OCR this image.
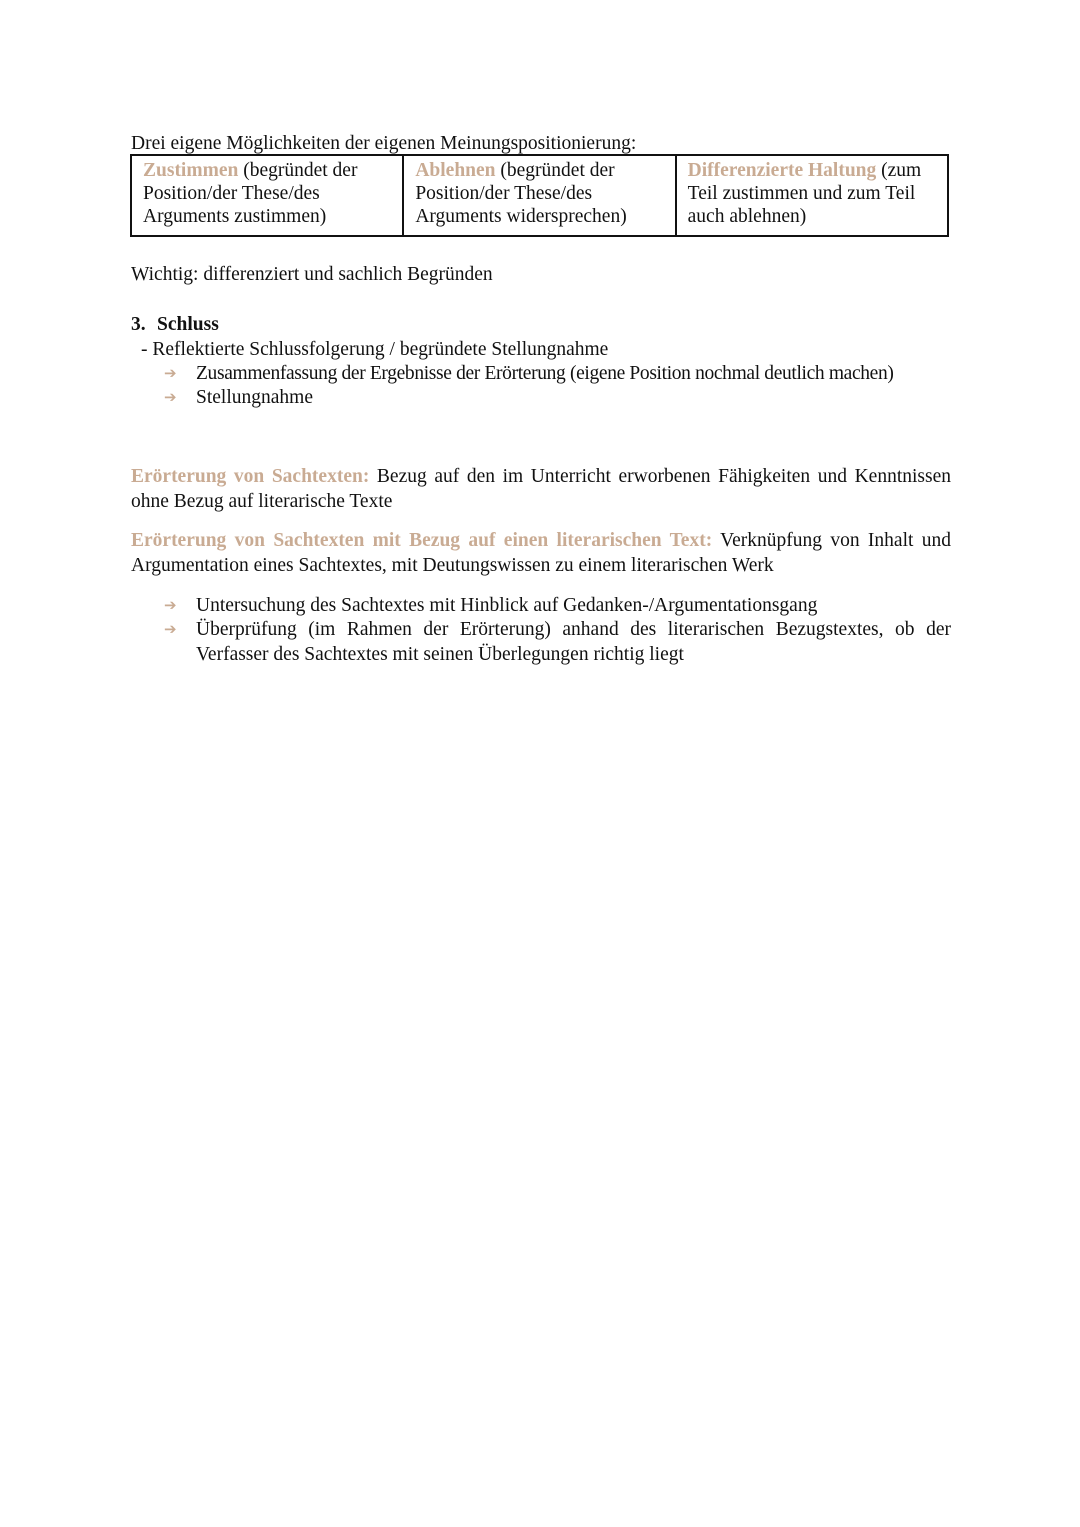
Drei eigene Möglichkeiten der eigenen Meinungspositionierung:
Zustimmen (begründet der Position/der These/des Arguments zustimmen)	Ablehnen (begründet der Position/der These/des Arguments widersprechen)	Differenzierte Haltung (zum Teil zustimmen und zum Teil auch ablehnen)
Wichtig: differenziert und sachlich Begründen
3. Schluss
- Reflektierte Schlussfolgerung / begründete Stellungnahme
➔ Zusammenfassung der Ergebnisse der Erörterung (eigene Position nochmal deutlich machen)
➔ Stellungnahme
Erörterung von Sachtexten: Bezug auf den im Unterricht erworbenen Fähigkeiten und Kenntnissen ohne Bezug auf literarische Texte
Erörterung von Sachtexten mit Bezug auf einen literarischen Text: Verknüpfung von Inhalt und Argumentation eines Sachtextes, mit Deutungswissen zu einem literarischen Werk
➔ Untersuchung des Sachtextes mit Hinblick auf Gedanken-/Argumentationsgang
➔ Überprüfung (im Rahmen der Erörterung) anhand des literarischen Bezugstextes, ob der Verfasser des Sachtextes mit seinen Überlegungen richtig liegt
